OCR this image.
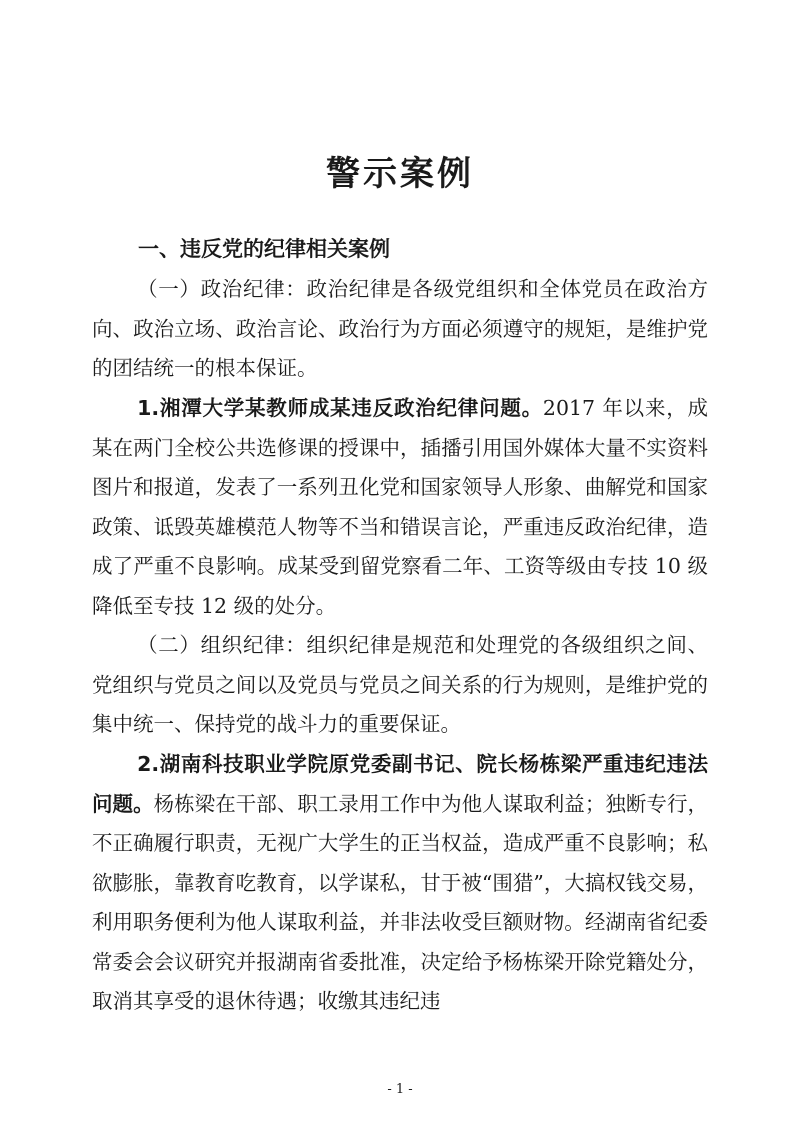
警示案例
一、违反党的纪律相关案例

（一）政治纪律：政治纪律是各级党组织和全体党员在政治方向、政治立场、政治言论、政治行为方面必须遵守的规矩，是维护党的团结统一的根本保证。

1.湘潭大学某教师成某违反政治纪律问题。2017 年以来，成某在两门全校公共选修课的授课中，插播引用国外媒体大量不实资料图片和报道，发表了一系列丑化党和国家领导人形象、曲解党和国家政策、诋毁英雄模范人物等不当和错误言论，严重违反政治纪律，造成了严重不良影响。成某受到留党察看二年、工资等级由专技 10 级降低至专技 12 级的处分。

（二）组织纪律：组织纪律是规范和处理党的各级组织之间、党组织与党员之间以及党员与党员之间关系的行为规则，是维护党的集中统一、保持党的战斗力的重要保证。

2.湖南科技职业学院原党委副书记、院长杨栋梁严重违纪违法问题。杨栋梁在干部、职工录用工作中为他人谋取利益；独断专行，不正确履行职责，无视广大学生的正当权益，造成严重不良影响；私欲膨胀，靠教育吃教育，以学谋私，甘于被“围猎”，大搞权钱交易，利用职务便利为他人谋取利益，并非法收受巨额财物。经湖南省纪委常委会会议研究并报湖南省委批准，决定给予杨栋梁开除党籍处分，取消其享受的退休待遇；收缴其违纪违

- 1 -
